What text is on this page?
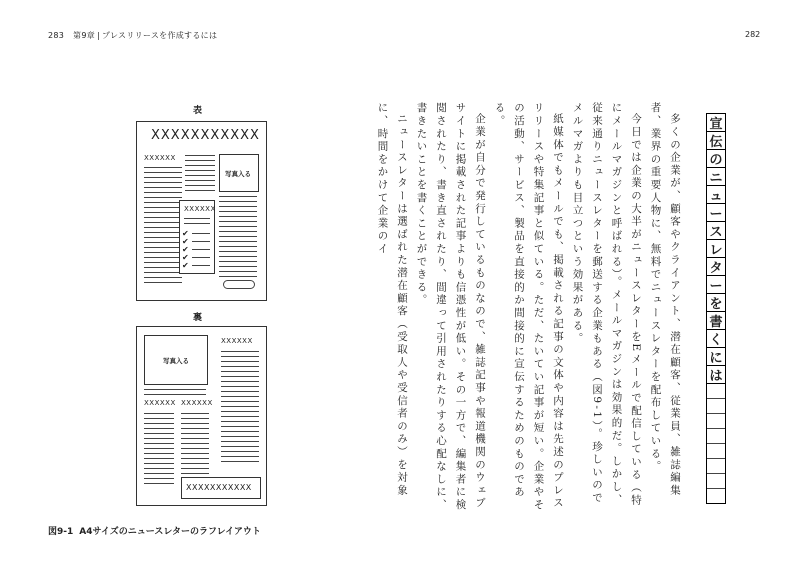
283 第9章 | プレスリリースを作成するには	282
表
XXXXXXXXXXX
XXXXXX
写真入る
XXXXXX
✔
✔
✔
✔
✔
裏
写真入る
XXXXXX
XXXXXX XXXXXX
XXXXXXXXXXX
図9-1 A4サイズのニュースレターのラフレイアウト
宣
伝
の
ニ
ュ
ー
ス
レ
タ
ー
を
書
く
に
は

多くの企業が、顧客やクライアント、潜在顧客、従業員、雑誌編集者、業界の重要人物に、無料でニュースレターを配布している。

今日では企業の大半がニュースレターをEメールで配信している（特にメールマガジンと呼ばれる）。メールマガジンは効果的だ。しかし、従来通りニュースレターを郵送する企業もある（図9-1）。珍しいのでメルマガよりも目立つという効果がある。

紙媒体でもメールでも、掲載される記事の文体や内容は先述のプレスリリースや特集記事と似ている。ただ、たいてい記事が短い。企業やその活動、サービス、製品を直接的か間接的に宣伝するためのものである。

企業が自分で発行しているものなので、雑誌記事や報道機関のウェブサイトに掲載された記事よりも信憑性が低い。その一方で、編集者に検閲されたり、書き直されたり、間違って引用されたりする心配なしに、書きたいことを書くことができる。

ニュースレターは選ばれた潜在顧客（受取人や受信者のみ）を対象に、時間をかけて企業のイ
